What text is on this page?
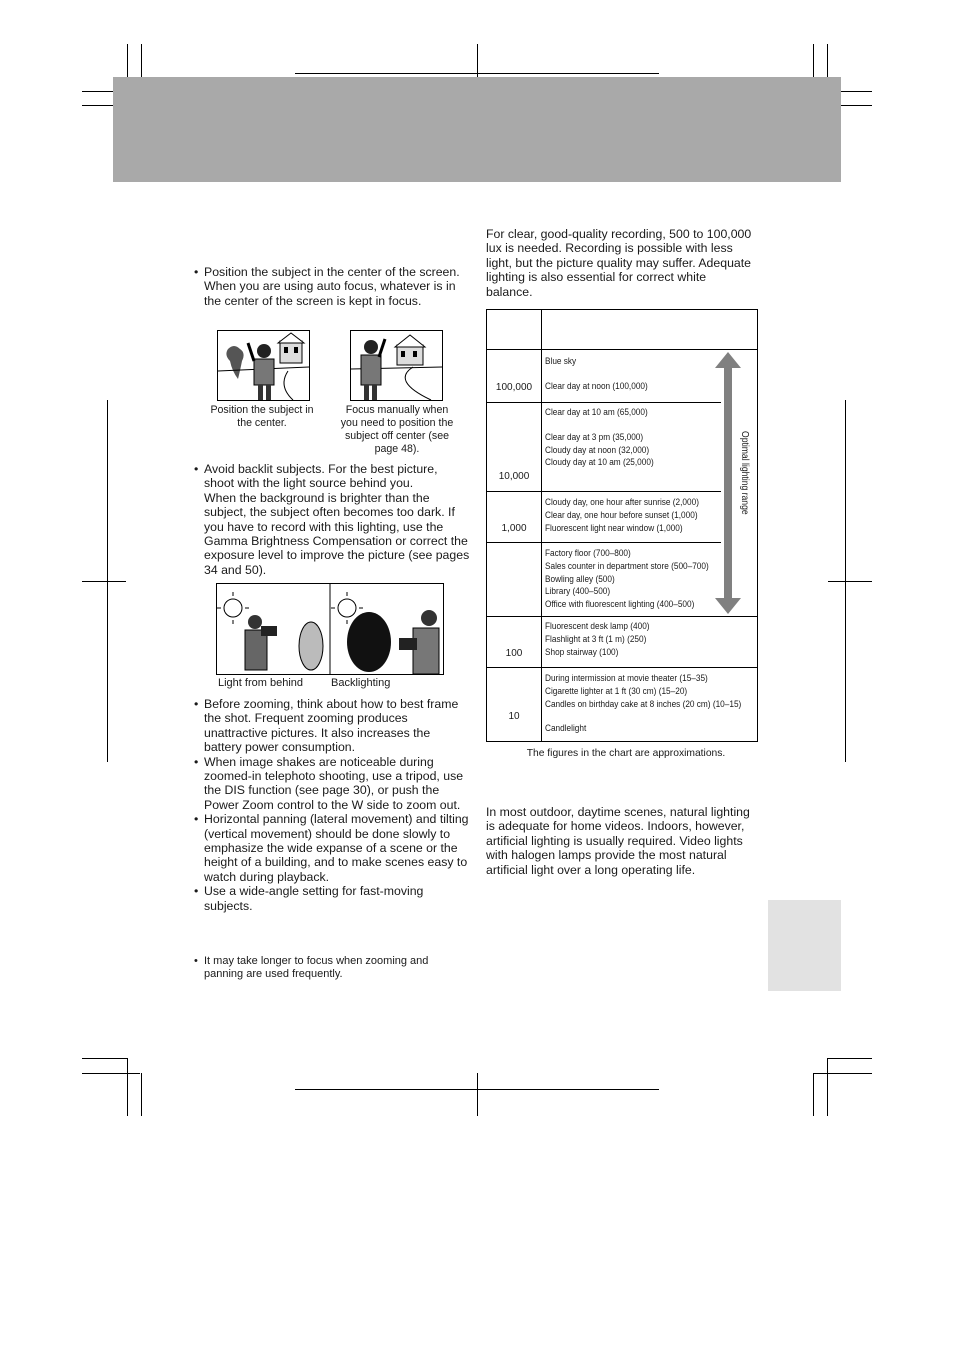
• Position the subject in the center of the screen. When you are using auto focus, whatever is in the center of the screen is kept in focus.
Position the subject in the center.
Focus manually when you need to position the subject off center (see page 48).
• Avoid backlit subjects. For the best picture, shoot with the light source behind you.
When the background is brighter than the subject, the subject often becomes too dark. If you have to record with this lighting, use the Gamma Brightness Compensation or correct the exposure level to improve the picture (see pages 34 and 50).
Light from behind	Backlighting
• Before zooming, think about how to best frame the shot. Frequent zooming produces unattractive pictures. It also increases the battery power consumption.
• When image shakes are noticeable during zoomed-in telephoto shooting, use a tripod, use the DIS function (see page 30), or push the Power Zoom control to the W side to zoom out.
• Horizontal panning (lateral movement) and tilting (vertical movement) should be done slowly to emphasize the wide expanse of a scene or the height of a building, and to make scenes easy to watch during playback.
• Use a wide-angle setting for fast-moving subjects.
• It may take longer to focus when zooming and panning are used frequently.
For clear, good-quality recording, 500 to 100,000 lux is needed. Recording is possible with less light, but the picture quality may suffer. Adequate lighting is also essential for correct white balance.
100,000
10,000
1,000
100
10
Blue sky
Clear day at noon (100,000)
Clear day at 10 am (65,000)
Clear day at 3 pm (35,000)
Cloudy day at noon (32,000)
Cloudy day at 10 am (25,000)
Cloudy day, one hour after sunrise (2,000)
Clear day, one hour before sunset (1,000)
Fluorescent light near window (1,000)
Factory floor (700–800)
Sales counter in department store (500–700)
Bowling alley (500)
Library (400–500)
Office with fluorescent lighting (400–500)
Fluorescent desk lamp (400)
Flashlight at 3 ft (1 m) (250)
Shop stairway (100)
During intermission at movie theater (15–35)
Cigarette lighter at 1 ft (30 cm) (15–20)
Candles on birthday cake at 8 inches (20 cm) (10–15)
Candlelight
Optimal lighting range
The figures in the chart are approximations.
In most outdoor, daytime scenes, natural lighting is adequate for home videos. Indoors, however, artificial lighting is usually required. Video lights with halogen lamps provide the most natural artificial light over a long operating life.
